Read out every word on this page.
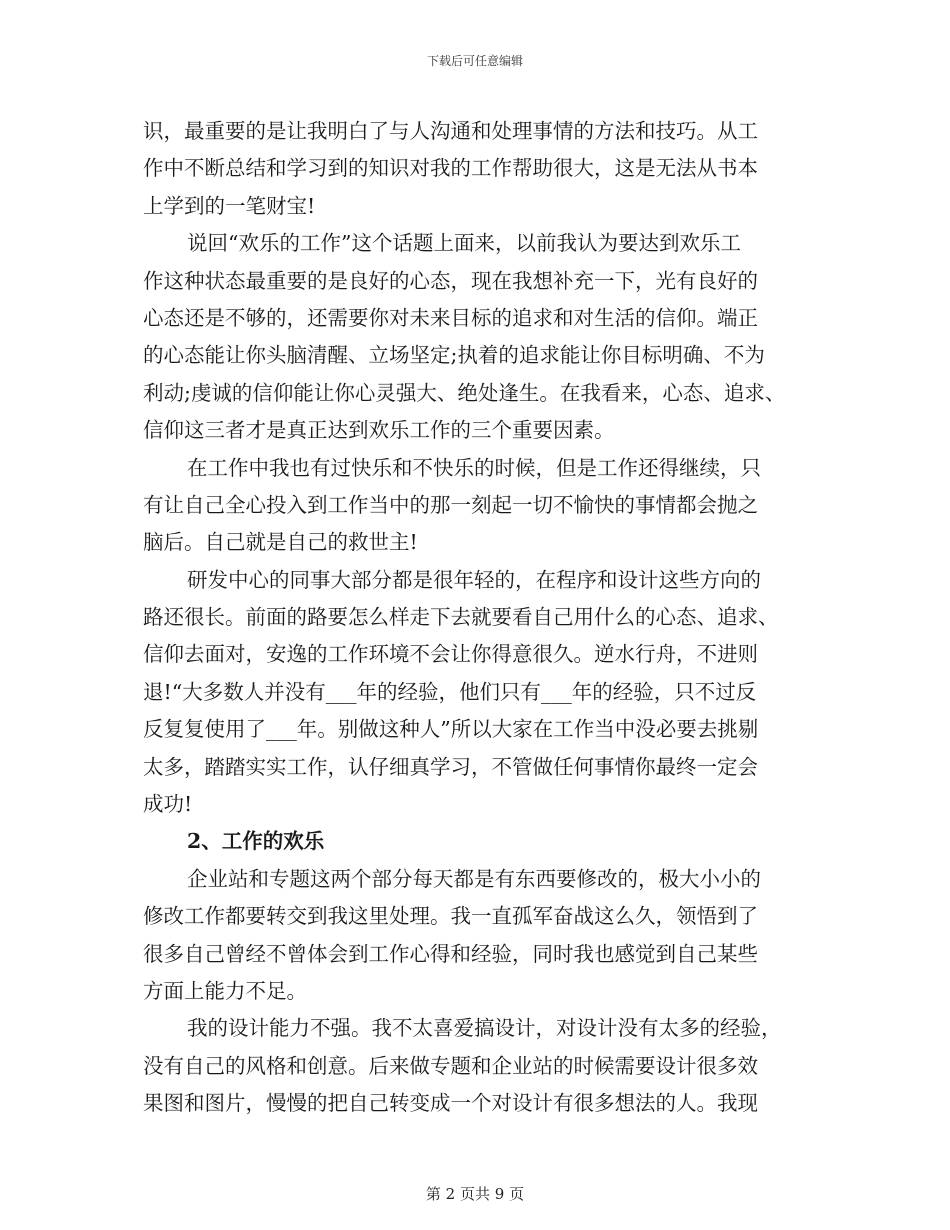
下载后可任意编辑
识，最重要的是让我明白了与人沟通和处理事情的方法和技巧。从工
作中不断总结和学习到的知识对我的工作帮助很大，这是无法从书本
上学到的一笔财宝!
说回“欢乐的工作”这个话题上面来，以前我认为要达到欢乐工
作这种状态最重要的是良好的心态，现在我想补充一下，光有良好的
心态还是不够的，还需要你对未来目标的追求和对生活的信仰。端正
的心态能让你头脑清醒、立场坚定;执着的追求能让你目标明确、不为
利动;虔诚的信仰能让你心灵强大、绝处逢生。在我看来，心态、追求、
信仰这三者才是真正达到欢乐工作的三个重要因素。
在工作中我也有过快乐和不快乐的时候，但是工作还得继续，只
有让自己全心投入到工作当中的那一刻起一切不愉快的事情都会抛之
脑后。自己就是自己的救世主!
研发中心的同事大部分都是很年轻的，在程序和设计这些方向的
路还很长。前面的路要怎么样走下去就要看自己用什么的心态、追求、
信仰去面对，安逸的工作环境不会让你得意很久。逆水行舟，不进则
退!“大多数人并没有___年的经验，他们只有___年的经验，只不过反
反复复使用了___年。别做这种人”所以大家在工作当中没必要去挑剔
太多，踏踏实实工作，认仔细真学习，不管做任何事情你最终一定会
成功!
2、工作的欢乐
企业站和专题这两个部分每天都是有东西要修改的，极大小小的
修改工作都要转交到我这里处理。我一直孤军奋战这么久，领悟到了
很多自己曾经不曾体会到工作心得和经验，同时我也感觉到自己某些
方面上能力不足。
我的设计能力不强。我不太喜爱搞设计，对设计没有太多的经验，
没有自己的风格和创意。后来做专题和企业站的时候需要设计很多效
果图和图片，慢慢的把自己转变成一个对设计有很多想法的人。我现
第 2 页共 9 页
